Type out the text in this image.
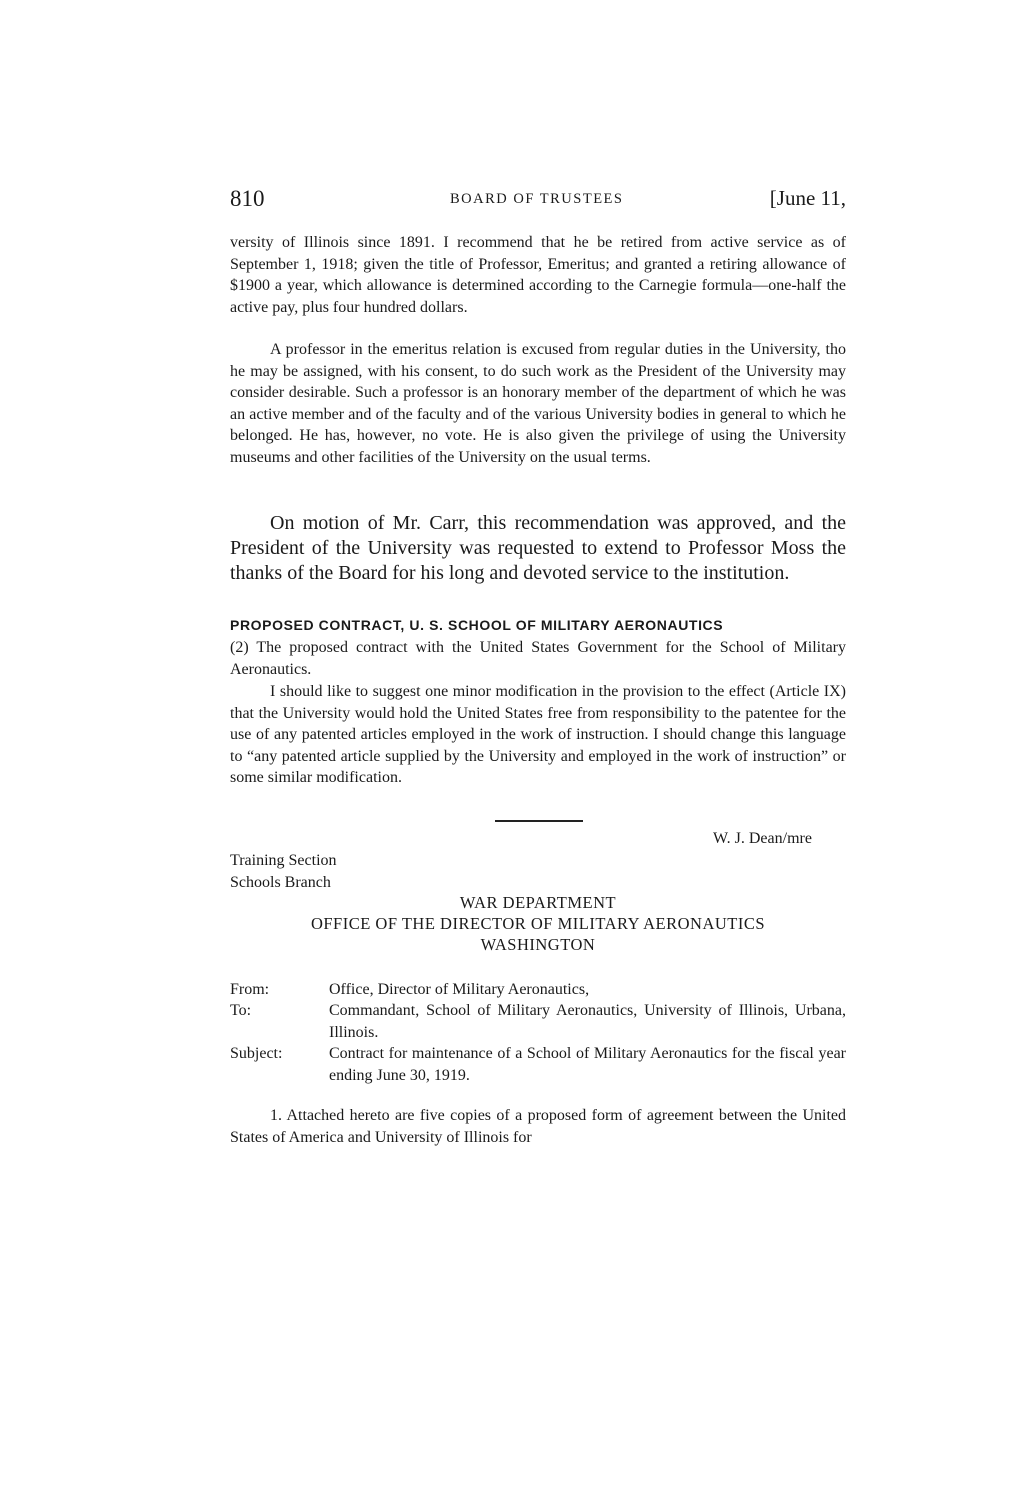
810	BOARD OF TRUSTEES	[June 11,

versity of Illinois since 1891. I recommend that he be retired from active service as of September 1, 1918; given the title of Professor, Emeritus; and granted a retiring allowance of $1900 a year, which allowance is determined according to the Carnegie formula—one-half the active pay, plus four hundred dollars.

A professor in the emeritus relation is excused from regular duties in the University, tho he may be assigned, with his consent, to do such work as the President of the University may consider desirable. Such a professor is an honorary member of the department of which he was an active member and of the faculty and of the various University bodies in general to which he belonged. He has, however, no vote. He is also given the privilege of using the University museums and other facilities of the University on the usual terms.

On motion of Mr. Carr, this recommendation was approved, and the President of the University was requested to extend to Professor Moss the thanks of the Board for his long and devoted service to the institution.

PROPOSED CONTRACT, U. S. SCHOOL OF MILITARY AERONAUTICS

(2) The proposed contract with the United States Government for the School of Military Aeronautics.

I should like to suggest one minor modification in the provision to the effect (Article IX) that the University would hold the United States free from responsibility to the patentee for the use of any patented articles employed in the work of instruction. I should change this language to “any patented article supplied by the University and employed in the work of instruction” or some similar modification.

W. J. Dean/mre
Training Section
Schools Branch
WAR DEPARTMENT
OFFICE OF THE DIRECTOR OF MILITARY AERONAUTICS
WASHINGTON
From:	Office, Director of Military Aeronautics,
To:	Commandant, School of Military Aeronautics, University of Illinois, Urbana, Illinois.
Subject:	Contract for maintenance of a School of Military Aeronautics for the fiscal year ending June 30, 1919.

1. Attached hereto are five copies of a proposed form of agreement between the United States of America and University of Illinois for
